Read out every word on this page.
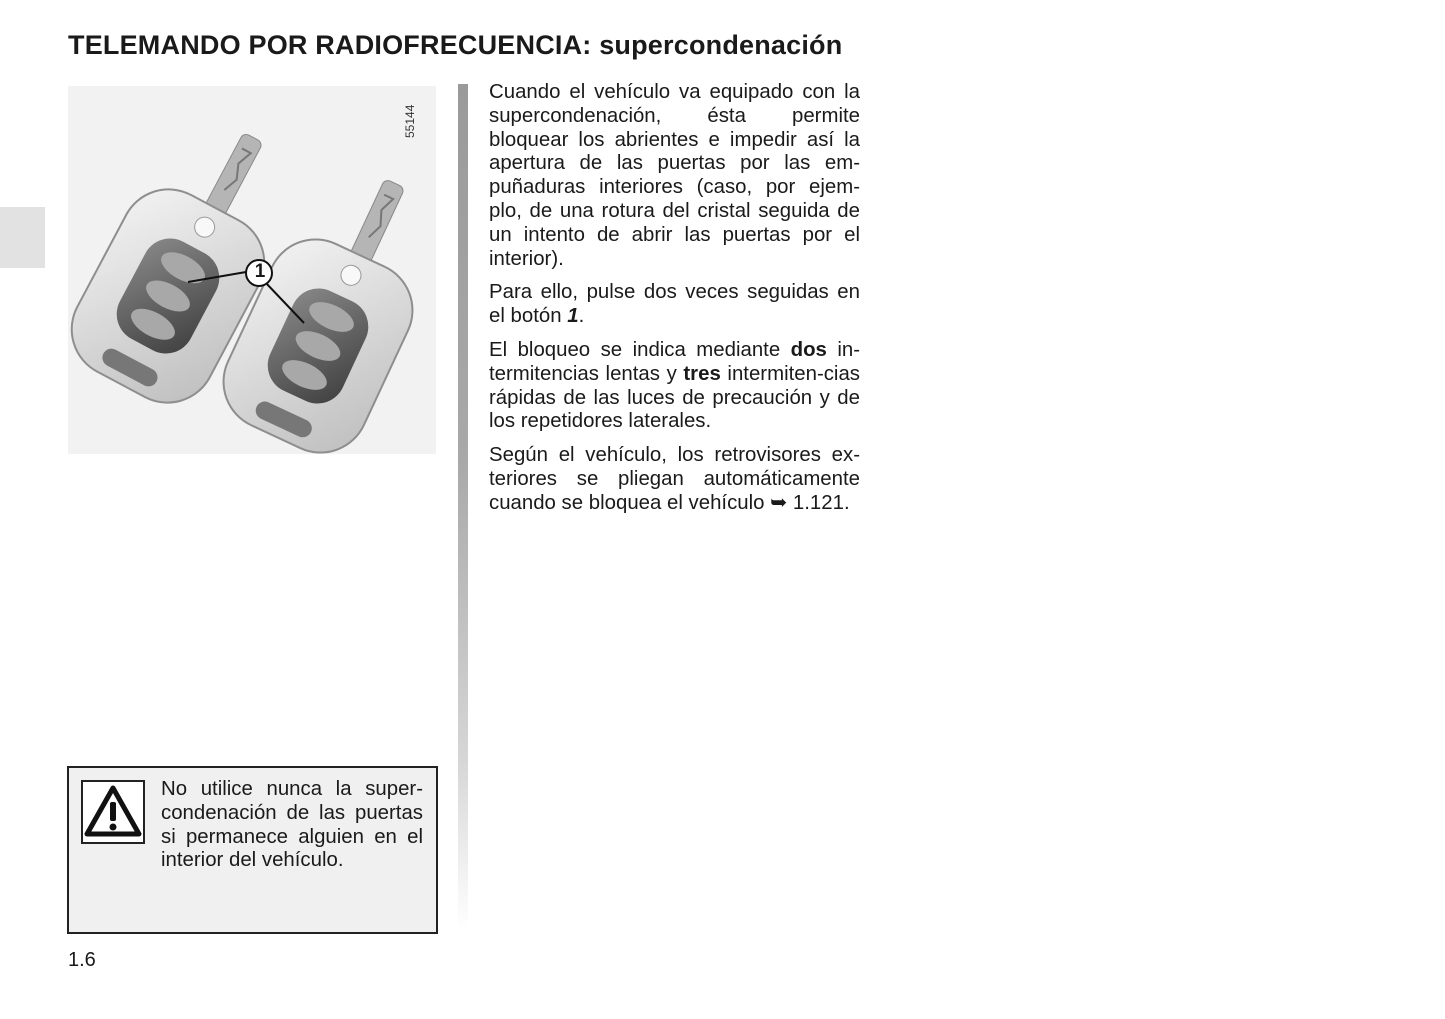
TELEMANDO POR RADIOFRECUENCIA: supercondenación
1
55144

Cuando el vehículo va equipado con la supercondenación, ésta permite bloquear los abrientes e impedir así la apertura de las puertas por las em-puñaduras interiores (caso, por ejem-plo, de una rotura del cristal seguida de un intento de abrir las puertas por el interior).

Para ello, pulse dos veces seguidas en el botón 1.

El bloqueo se indica mediante dos in-termitencias lentas y tres intermiten-cias rápidas de las luces de precaución y de los repetidores laterales.

Según el vehículo, los retrovisores ex-teriores se pliegan automáticamente cuando se bloquea el vehículo ➥ 1.121.

No utilice nunca la super-condenación de las puertas si permanece alguien en el interior del vehículo.
1.6
